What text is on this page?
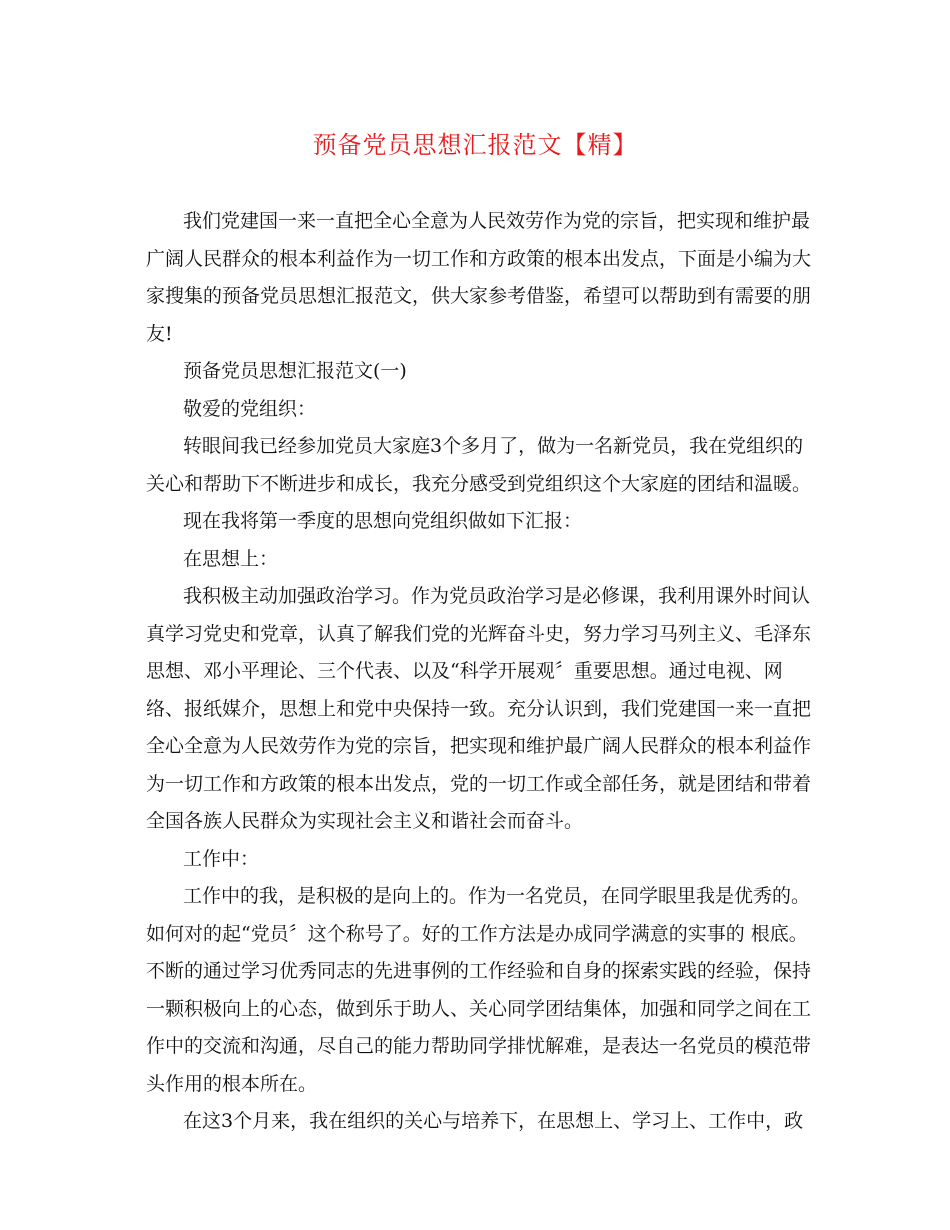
预备党员思想汇报范文【精】
我们党建国一来一直把全心全意为人民效劳作为党的宗旨，把实现和维护最
广阔人民群众的根本利益作为一切工作和方政策的根本出发点，下面是小编为大
家搜集的预备党员思想汇报范文，供大家参考借鉴，希望可以帮助到有需要的朋
友!
预备党员思想汇报范文(一)
敬爱的党组织：
转眼间我已经参加党员大家庭3个多月了，做为一名新党员，我在党组织的
关心和帮助下不断进步和成长，我充分感受到党组织这个大家庭的团结和温暖。
现在我将第一季度的思想向党组织做如下汇报：
在思想上：
我积极主动加强政治学习。作为党员政治学习是必修课，我利用课外时间认
真学习党史和党章，认真了解我们党的光辉奋斗史，努力学习马列主义、毛泽东
思想、邓小平理论、三个代表、以及“科学开展观〞重要思想。通过电视、网
络、报纸媒介，思想上和党中央保持一致。充分认识到，我们党建国一来一直把
全心全意为人民效劳作为党的宗旨，把实现和维护最广阔人民群众的根本利益作
为一切工作和方政策的根本出发点，党的一切工作或全部任务，就是团结和带着
全国各族人民群众为实现社会主义和谐社会而奋斗。
工作中：
工作中的我，是积极的是向上的。作为一名党员，在同学眼里我是优秀的。
如何对的起“党员〞这个称号了。好的工作方法是办成同学满意的实事的 根底。
不断的通过学习优秀同志的先进事例的工作经验和自身的探索实践的经验，保持
一颗积极向上的心态，做到乐于助人、关心同学团结集体，加强和同学之间在工
作中的交流和沟通，尽自己的能力帮助同学排忧解难，是表达一名党员的模范带
头作用的根本所在。
在这3个月来，我在组织的关心与培养下，在思想上、学习上、工作中，政
